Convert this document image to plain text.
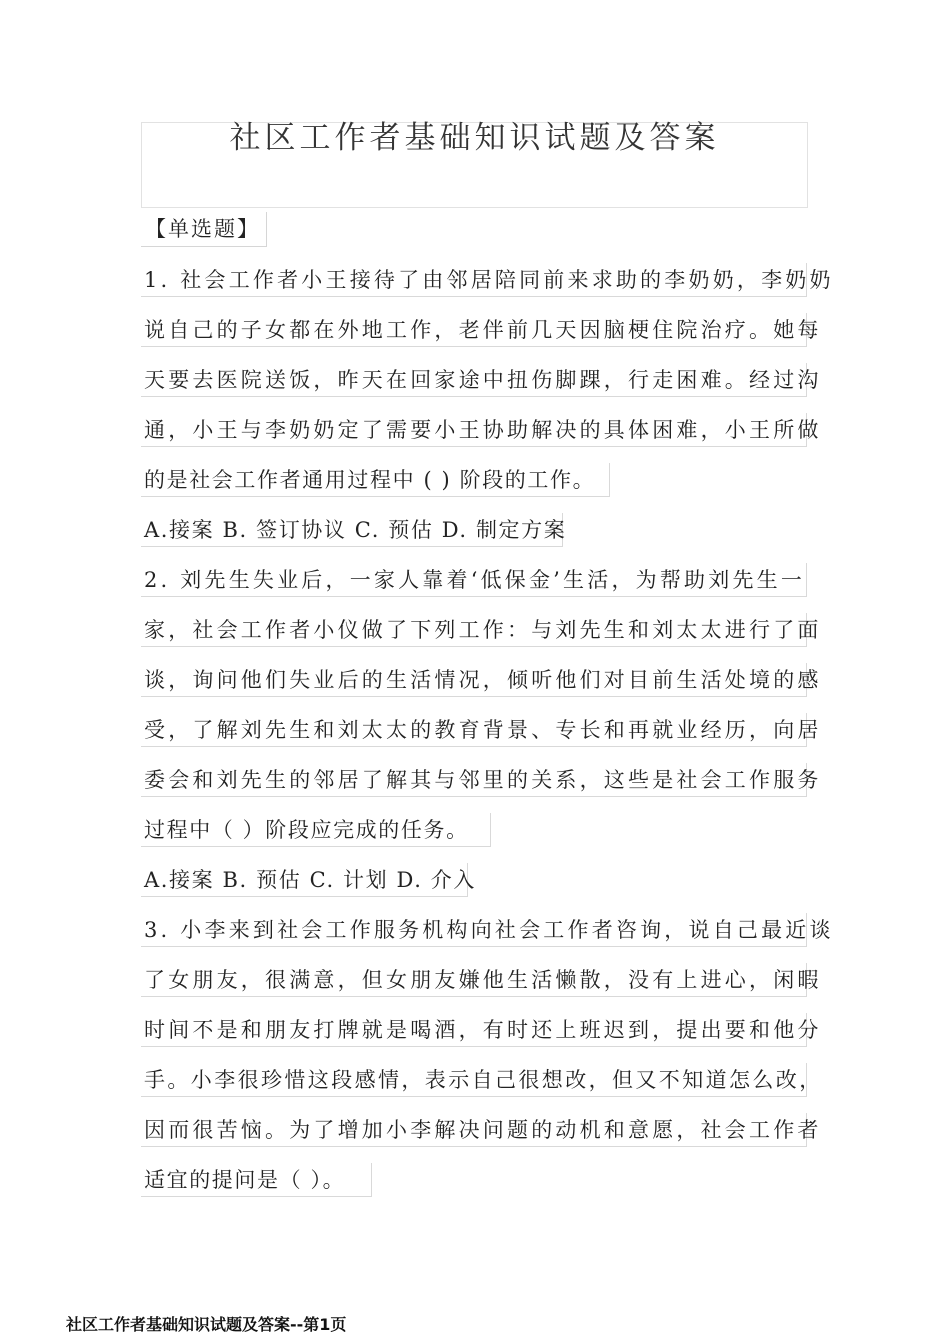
社区工作者基础知识试题及答案
【单选题】
1. 社会工作者小王接待了由邻居陪同前来求助的李奶奶，李奶奶
说自己的子女都在外地工作，老伴前几天因脑梗住院治疗。她每
天要去医院送饭，昨天在回家途中扭伤脚踝，行走困难。经过沟
通，小王与李奶奶定了需要小王协助解决的具体困难，小王所做
的是社会工作者通用过程中 ( ) 阶段的工作。
A.接案 B. 签订协议 C. 预估 D. 制定方案
2. 刘先生失业后，一家人靠着‘低保金’生活，为帮助刘先生一
家，社会工作者小仪做了下列工作：与刘先生和刘太太进行了面
谈，询问他们失业后的生活情况，倾听他们对目前生活处境的感
受，了解刘先生和刘太太的教育背景、专长和再就业经历，向居
委会和刘先生的邻居了解其与邻里的关系，这些是社会工作服务
过程中（ ）阶段应完成的任务。
A.接案 B. 预估 C. 计划 D. 介入
3. 小李来到社会工作服务机构向社会工作者咨询，说自己最近谈
了女朋友，很满意，但女朋友嫌他生活懒散，没有上进心，闲暇
时间不是和朋友打牌就是喝酒，有时还上班迟到，提出要和他分
手。小李很珍惜这段感情，表示自己很想改，但又不知道怎么改，
因而很苦恼。为了增加小李解决问题的动机和意愿，社会工作者
适宜的提问是（ ）。
社区工作者基础知识试题及答案--第1页
